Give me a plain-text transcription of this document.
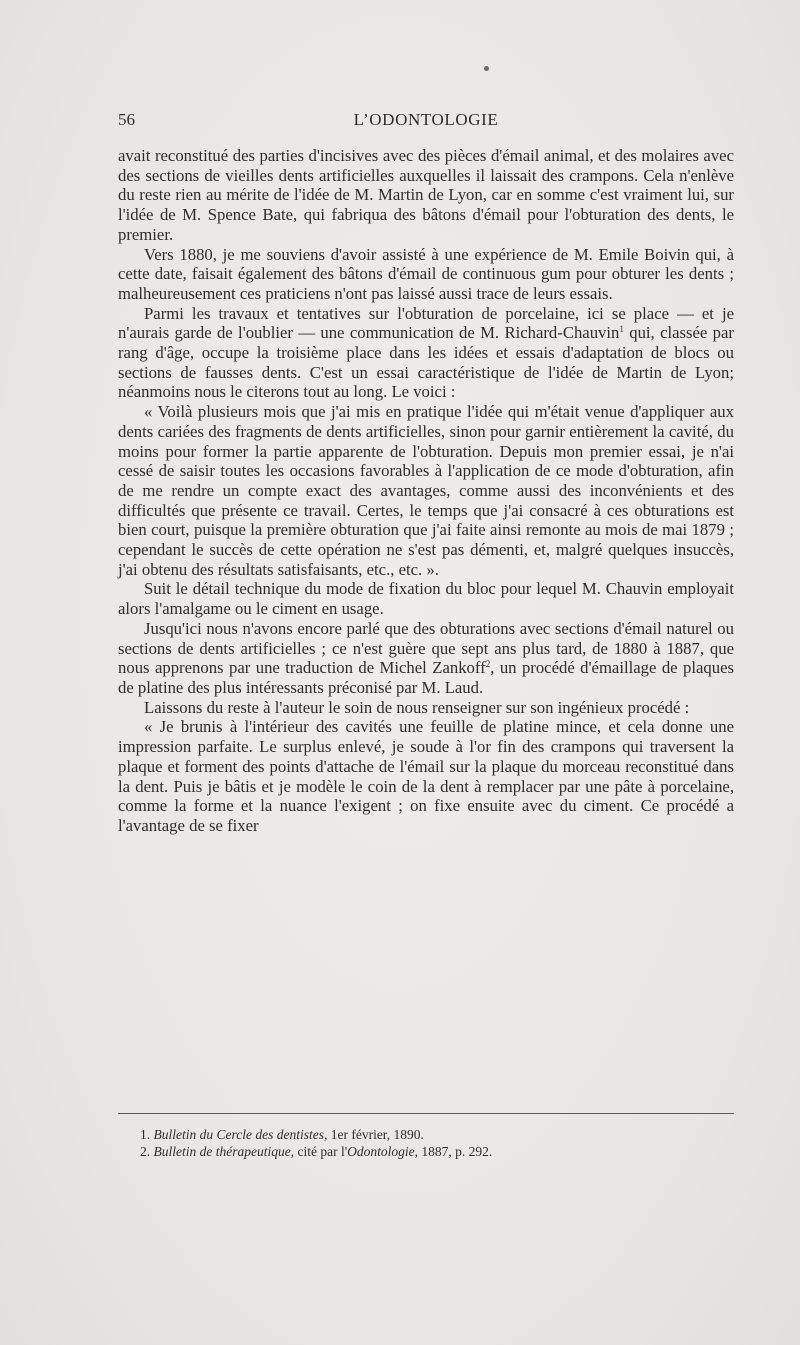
56	L’ODONTOLOGIE

avait reconstitué des parties d'incisives avec des pièces d'émail animal, et des molaires avec des sections de vieilles dents artificielles auxquelles il laissait des crampons. Cela n'enlève du reste rien au mérite de l'idée de M. Martin de Lyon, car en somme c'est vraiment lui, sur l'idée de M. Spence Bate, qui fabriqua des bâtons d'émail pour l'obturation des dents, le premier.

Vers 1880, je me souviens d'avoir assisté à une expérience de M. Emile Boivin qui, à cette date, faisait également des bâtons d'émail de continuous gum pour obturer les dents ; malheureusement ces praticiens n'ont pas laissé aussi trace de leurs essais.

Parmi les travaux et tentatives sur l'obturation de porcelaine, ici se place — et je n'aurais garde de l'oublier — une communication de M. Richard-Chauvin$^1$ qui, classée par rang d'âge, occupe la troisième place dans les idées et essais d'adaptation de blocs ou sections de fausses dents. C'est un essai caractéristique de l'idée de Martin de Lyon; néanmoins nous le citerons tout au long. Le voici :

« Voilà plusieurs mois que j'ai mis en pratique l'idée qui m'était venue d'appliquer aux dents cariées des fragments de dents artificielles, sinon pour garnir entièrement la cavité, du moins pour former la partie apparente de l'obturation. Depuis mon premier essai, je n'ai cessé de saisir toutes les occasions favorables à l'application de ce mode d'obturation, afin de me rendre un compte exact des avantages, comme aussi des inconvénients et des difficultés que présente ce travail. Certes, le temps que j'ai consacré à ces obturations est bien court, puisque la première obturation que j'ai faite ainsi remonte au mois de mai 1879 ; cependant le succès de cette opération ne s'est pas démenti, et, malgré quelques insuccès, j'ai obtenu des résultats satisfaisants, etc., etc. ».

Suit le détail technique du mode de fixation du bloc pour lequel M. Chauvin employait alors l'amalgame ou le ciment en usage.

Jusqu'ici nous n'avons encore parlé que des obturations avec sections d'émail naturel ou sections de dents artificielles ; ce n'est guère que sept ans plus tard, de 1880 à 1887, que nous apprenons par une traduction de Michel Zankoff$^2$, un procédé d'émaillage de plaques de platine des plus intéressants préconisé par M. Laud.

Laissons du reste à l'auteur le soin de nous renseigner sur son ingénieux procédé :

« Je brunis à l'intérieur des cavités une feuille de platine mince, et cela donne une impression parfaite. Le surplus enlevé, je soude à l'or fin des crampons qui traversent la plaque et forment des points d'attache de l'émail sur la plaque du morceau reconstitué dans la dent. Puis je bâtis et je modèle le coin de la dent à remplacer par une pâte à porcelaine, comme la forme et la nuance l'exigent ; on fixe ensuite avec du ciment. Ce procédé a l'avantage de se fixer

1. Bulletin du Cercle des dentistes, 1er février, 1890.
2. Bulletin de thérapeutique, cité par l'Odontologie, 1887, p. 292.
